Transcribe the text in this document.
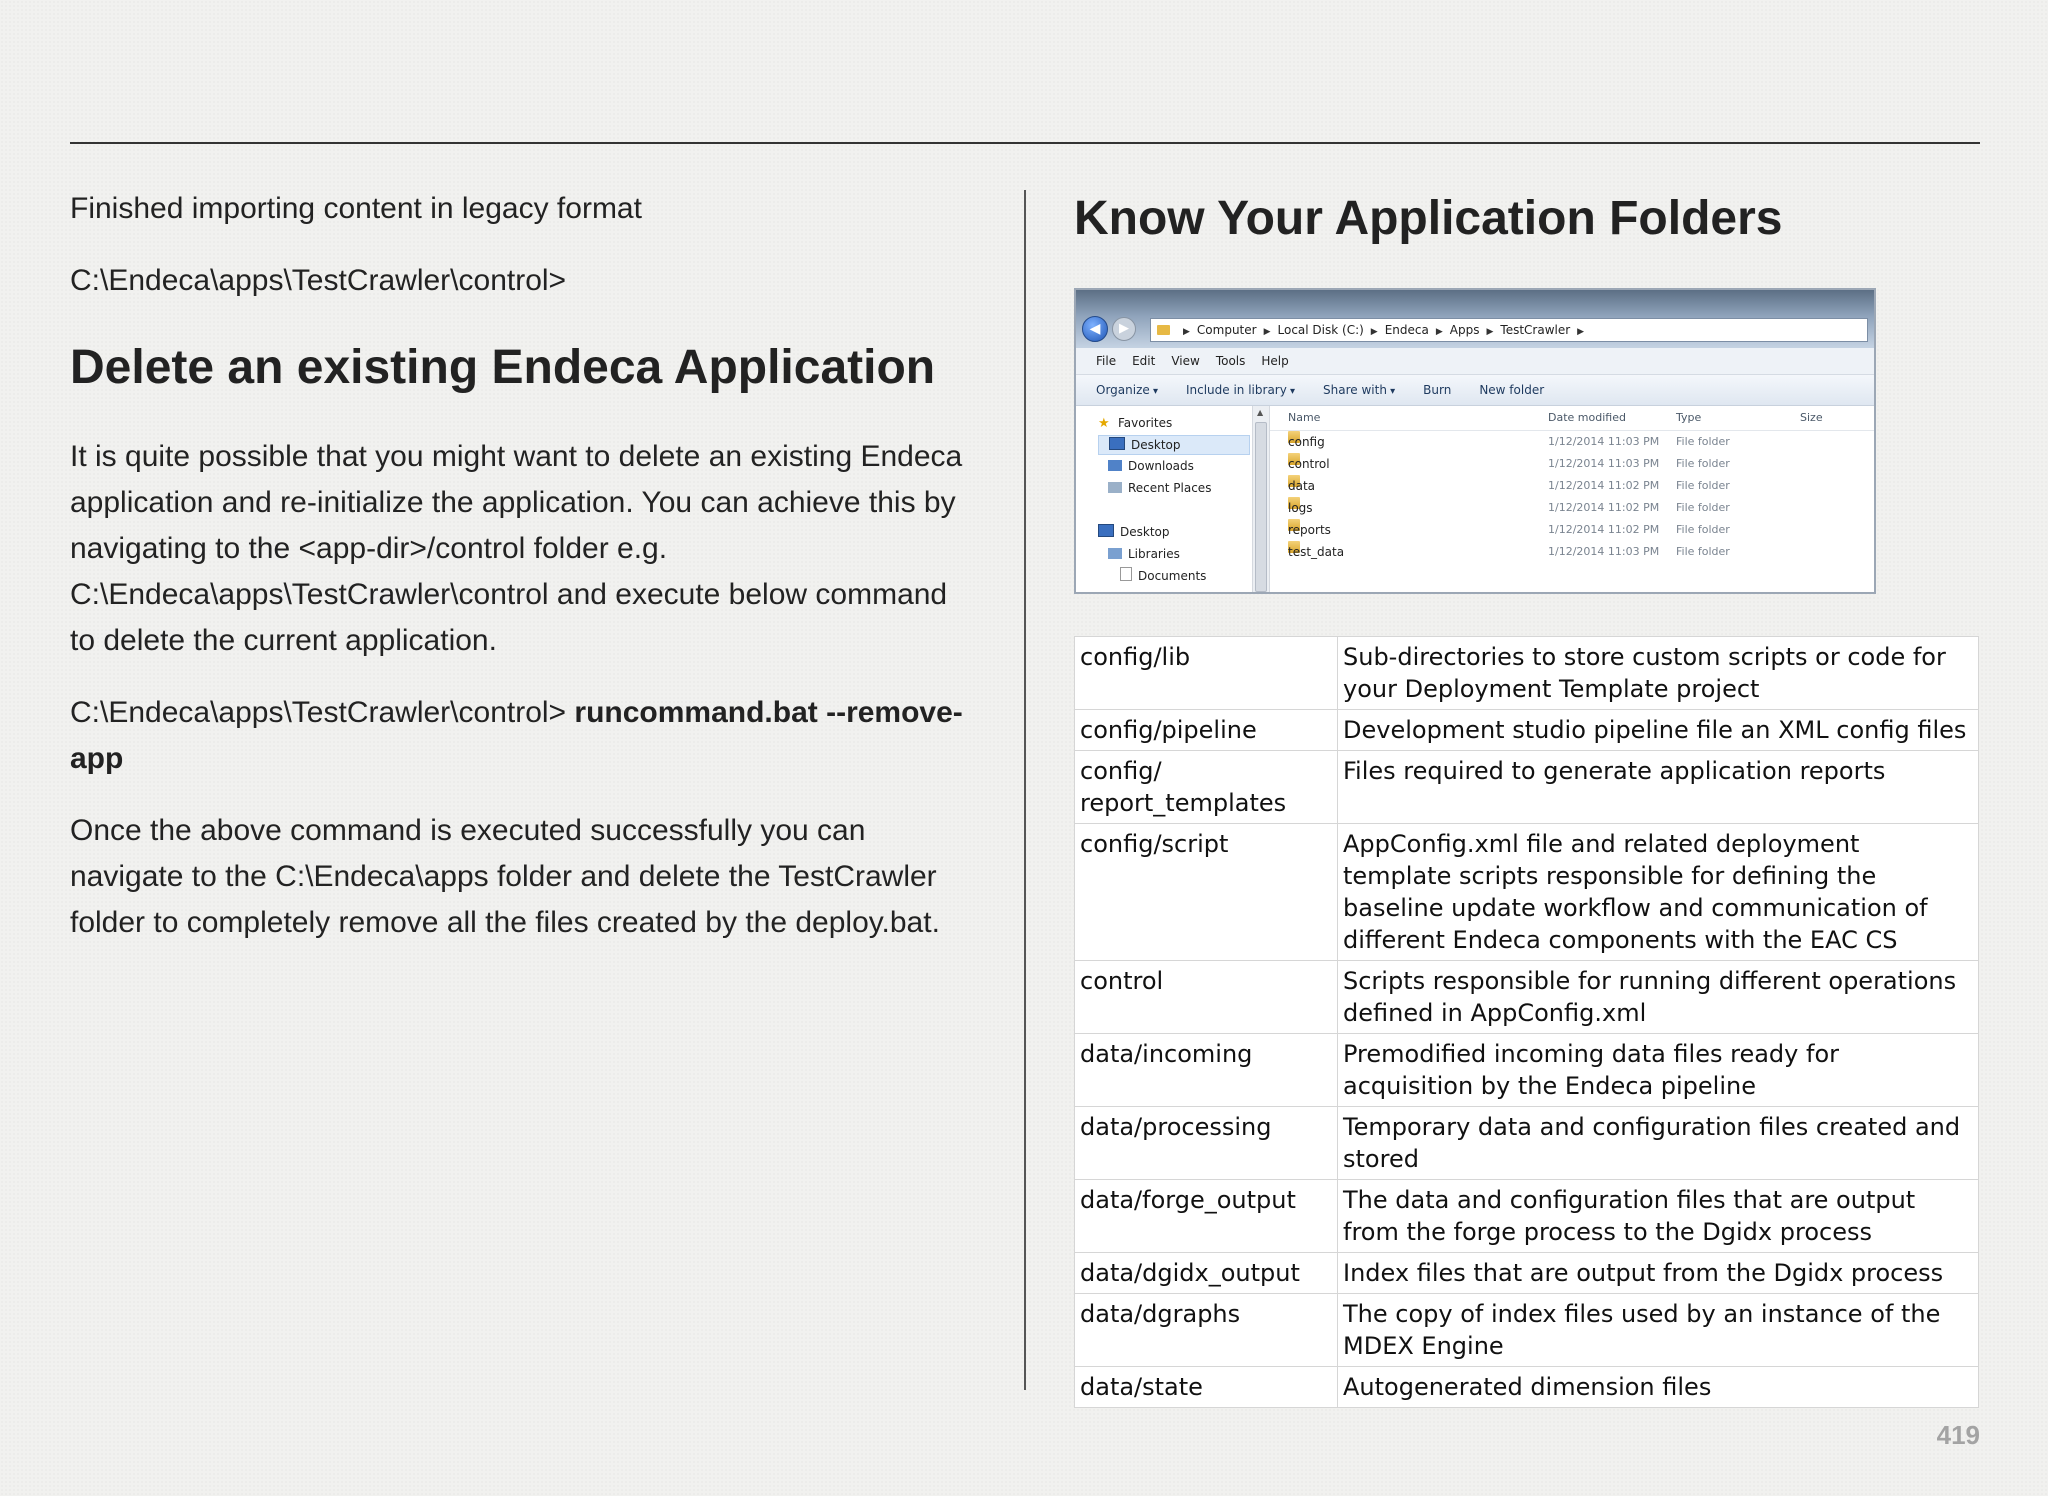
Finished importing content in legacy format

C:\Endeca\apps\TestCrawler\control>

Delete an existing Endeca Application

It is quite possible that you might want to delete an existing Endeca application and re-initialize the application. You can achieve this by navigating to the <app-dir>/control folder e.g. C:\Endeca\apps\TestCrawler\control and execute below command to delete the current application.

C:\Endeca\apps\TestCrawler\control> runcommand.bat --remove-app

Once the above command is executed successfully you can navigate to the C:\Endeca\apps folder and delete the TestCrawler folder to completely remove all the files created by the deploy.bat.

Know Your Application Folders
◀	▶	▶ Computer ▶ Local Disk (C:) ▶ Endeca ▶ Apps ▶ TestCrawler ▶
File Edit View Tools Help
Organize ▾	Include in library ▾	Share with ▾	Burn New folder
★ Favorites
Desktop
Downloads
Recent Places
Desktop
Libraries
Documents
▲ Name	Date modified	Type	Size
config	1/12/2014 11:03 PM File folder
control	1/12/2014 11:03 PM File folder
data	1/12/2014 11:02 PM File folder
logs	1/12/2014 11:02 PM File folder
reports	1/12/2014 11:02 PM File folder
test_data	1/12/2014 11:03 PM File folder
config/lib	Sub-directories to store custom scripts or code for your Deployment Template project
config/pipeline	Development studio pipeline file an XML config files
config/ report_templates	Files required to generate application reports
config/script	AppConfig.xml file and related deployment template scripts responsible for defining the baseline update workflow and communication of different Endeca components with the EAC CS
control	Scripts responsible for running different operations defined in AppConfig.xml
data/incoming	Premodified incoming data files ready for acquisition by the Endeca pipeline
data/processing	Temporary data and configuration files created and stored
data/forge_output	The data and configuration files that are output from the forge process to the Dgidx process
data/dgidx_output	Index files that are output from the Dgidx process
data/dgraphs	The copy of index files used by an instance of the MDEX Engine
data/state	Autogenerated dimension files
419
